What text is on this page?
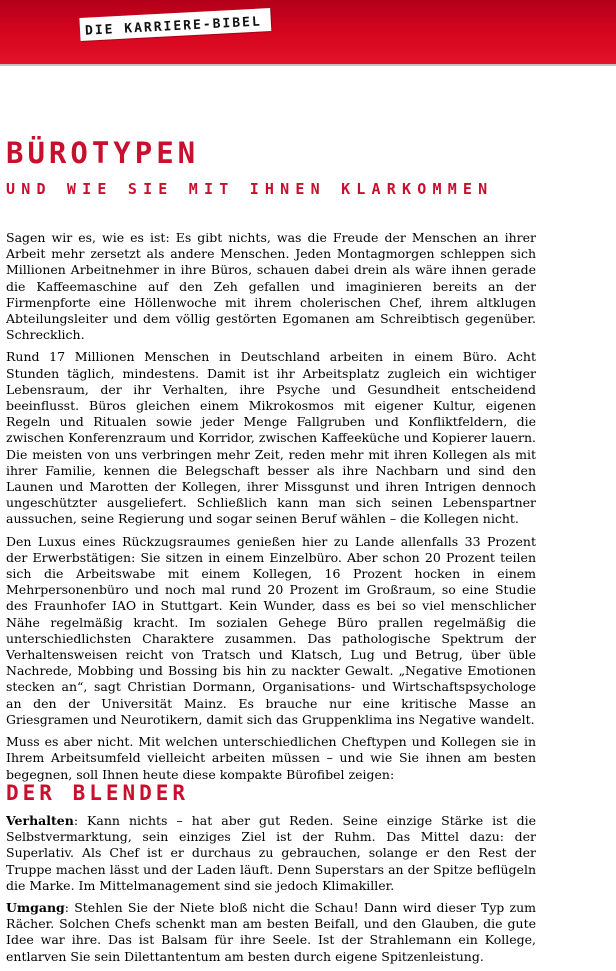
DIE KARRIERE-BIBEL
BÜROTYPEN
UND WIE SIE MIT IHNEN KLARKOMMEN

Sagen wir es, wie es ist: Es gibt nichts, was die Freude der Menschen an ihrer Arbeit mehr zersetzt als andere Menschen. Jeden Montagmorgen schleppen sich Millionen Arbeitnehmer in ihre Büros, schauen dabei drein als wäre ihnen gerade die Kaffeemaschine auf den Zeh gefallen und imaginieren bereits an der Firmenpforte eine Höllenwoche mit ihrem cholerischen Chef, ihrem altklugen Abteilungsleiter und dem völlig gestörten Egomanen am Schreibtisch gegenüber. Schrecklich.

Rund 17 Millionen Menschen in Deutschland arbeiten in einem Büro. Acht Stunden täglich, mindestens. Damit ist ihr Arbeitsplatz zugleich ein wichtiger Lebensraum, der ihr Verhalten, ihre Psyche und Gesundheit entscheidend beeinflusst. Büros gleichen einem Mikrokosmos mit eigener Kultur, eigenen Regeln und Ritualen sowie jeder Menge Fallgruben und Konfliktfeldern, die zwischen Konferenzraum und Korridor, zwischen Kaffeeküche und Kopierer lauern. Die meisten von uns verbringen mehr Zeit, reden mehr mit ihren Kollegen als mit ihrer Familie, kennen die Belegschaft besser als ihre Nachbarn und sind den Launen und Marotten der Kollegen, ihrer Missgunst und ihren Intrigen dennoch ungeschützter ausgeliefert. Schließlich kann man sich seinen Lebenspartner aussuchen, seine Regierung und sogar seinen Beruf wählen – die Kollegen nicht.

Den Luxus eines Rückzugsraumes genießen hier zu Lande allenfalls 33 Prozent der Erwerbstätigen: Sie sitzen in einem Einzelbüro. Aber schon 20 Prozent teilen sich die Arbeitswabe mit einem Kollegen, 16 Prozent hocken in einem Mehrpersonenbüro und noch mal rund 20 Prozent im Großraum, so eine Studie des Fraunhofer IAO in Stuttgart. Kein Wunder, dass es bei so viel menschlicher Nähe regelmäßig kracht. Im sozialen Gehege Büro prallen regelmäßig die unterschiedlichsten Charaktere zusammen. Das pathologische Spektrum der Verhaltensweisen reicht von Tratsch und Klatsch, Lug und Betrug, über üble Nachrede, Mobbing und Bossing bis hin zu nackter Gewalt. „Negative Emotionen stecken an“, sagt Christian Dormann, Organisations- und Wirtschaftspsychologe an den der Universität Mainz. Es brauche nur eine kritische Masse an Griesgramen und Neurotikern, damit sich das Gruppenklima ins Negative wandelt.

Muss es aber nicht. Mit welchen unterschiedlichen Cheftypen und Kollegen sie in Ihrem Arbeitsumfeld vielleicht arbeiten müssen – und wie Sie ihnen am besten begegnen, soll Ihnen heute diese kompakte Bürofibel zeigen:

DER BLENDER

Verhalten: Kann nichts – hat aber gut Reden. Seine einzige Stärke ist die Selbstvermarktung, sein einziges Ziel ist der Ruhm. Das Mittel dazu: der Superlativ. Als Chef ist er durchaus zu gebrauchen, solange er den Rest der Truppe machen lässt und der Laden läuft. Denn Superstars an der Spitze beflügeln die Marke. Im Mittelmanagement sind sie jedoch Klimakiller.

Umgang: Stehlen Sie der Niete bloß nicht die Schau! Dann wird dieser Typ zum Rächer. Solchen Chefs schenkt man am besten Beifall, und den Glauben, die gute Idee war ihre. Das ist Balsam für ihre Seele. Ist der Strahlemann ein Kollege, entlarven Sie sein Dilettantentum am besten durch eigene Spitzenleistung.
